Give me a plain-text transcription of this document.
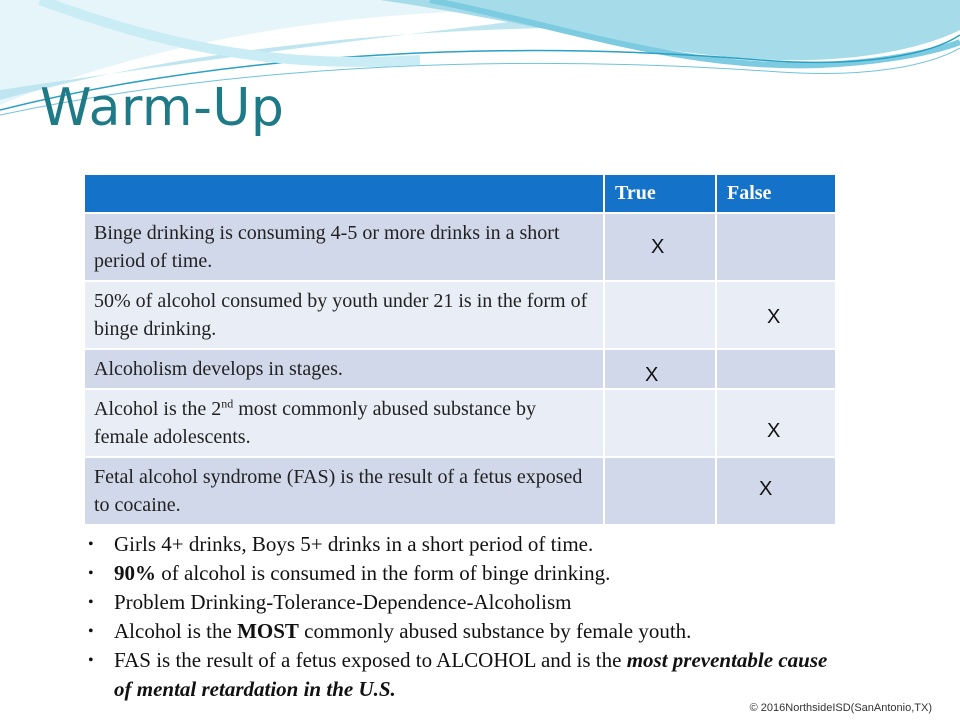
Warm-Up
	True	False
Binge drinking is consuming 4-5 or more drinks in a short period of time.	X	

50% of alcohol consumed by youth under 21 is in the form of binge drinking.		X

Alcoholism develops in stages.	X	

Alcohol is the 2nd most commonly abused substance by female adolescents.		X

Fetal alcohol syndrome (FAS) is the result of a fetus exposed to cocaine.		X
• Girls 4+ drinks, Boys 5+ drinks in a short period of time.
• 90% of alcohol is consumed in the form of binge drinking.
• Problem Drinking-Tolerance-Dependence-Alcoholism
• Alcohol is the MOST commonly abused substance by female youth.
• FAS is the result of a fetus exposed to ALCOHOL and is the most preventable cause of mental retardation in the U.S.
© 2016NorthsideISD(SanAntonio,TX)
